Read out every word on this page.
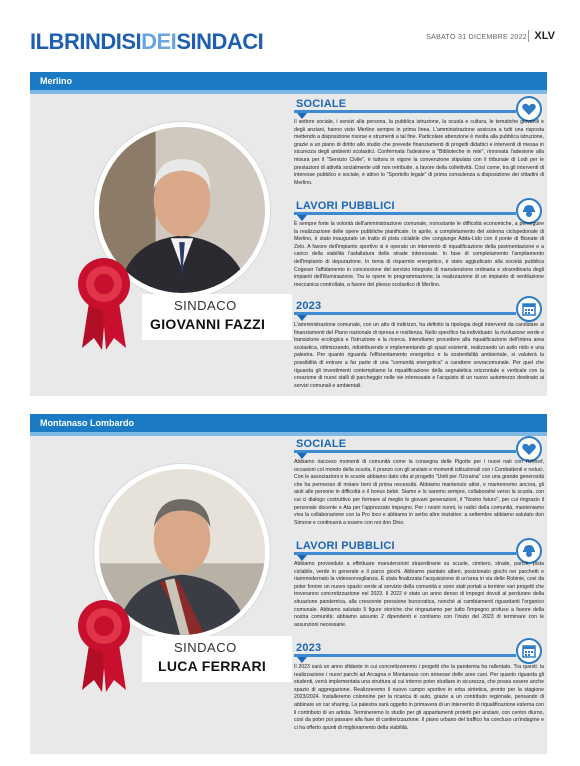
ILBRINDISIDEISINDACI	SABATO 31 DICEMBRE 2022 XLV
Merlino
SINDACO
GIOVANNI FAZZI
SOCIALE
Il settore sociale, i servizi alla persona, la pubblica istruzione, la scuola e cultura, le tematiche giovanili e degli anziani, hanno visto Merlino sempre in prima linea. L'amministrazione assicura a tutti una risposta mettendo a disposizione risorse e strumenti a tal fine. Particolare attenzione è rivolta alla pubblica istruzione, grazie a un piano di diritto allo studio che prevede finanziamenti di progetti didattici e interventi di messa in sicurezza degli ambienti scolastici. Confermata l'adesione a "Biblioteche in rete", rinnovata l'adesione alla misura per il "Servizio Civile", è tuttora in vigore la convenzione stipulata con il tribunale di Lodi per le prestazioni di attività socialmente utili non retribuite, a favore della collettività. Così come, tra gli interventi di interesse pubblico e sociale, è attivo lo "Sportello legale" di prima consulenza a disposizione dei cittadini di Merlino.
LAVORI PUBBLICI
È sempre forte la volontà dell'amministrazione comunale, nonostante le difficoltà economiche, a perseguire la realizzazione delle opere pubbliche pianificate. In aprile, a completamento del sistema ciclopedonale di Merlino, è stato inaugurato un tratto di pista ciclabile che congiunge Adda-Lido con il ponte di Bisnate di Zelo. A favore dell'impianto sportivo si è operato un intervento di riqualificazione della pavimentazione e a carico della viabilità l'asfaltatura delle strade interessate. In fase di completamento l'ampliamento dell'impianto di depurazione. In tema di risparmio energetico, è stato aggiudicato alla società pubblica Cogeser l'affidamento in concessione del servizio integrato di manutenzione ordinaria e straordinaria degli impianti dell'illuminazione. Tra le opere in programmazione, la realizzazione di un impianto di ventilazione meccanica controllata, a favore del plesso scolastico di Merlino.
2023
L'amministrazione comunale, con un atto di indirizzo, ha definito la tipologia degli interventi da candidare ai finanziamenti del Piano nazionale di ripresa e resilienza. Nello specifico ha individuato: la rivoluzione verde e transizione ecologica e l'istruzione e la ricerca. Intendiamo procedere alla riqualificazione dell'intera area scolastica, ottimizzando, ridistribuendo e implementando gli spazi esistenti, realizzando un asilo nido e una palestra. Per quanto riguarda l'efficientamento energetico e la sostenibilità ambientale, si valuterà la possibilità di entrare a far parte di una "comunità energetica" a carattere sovracomunale. Per quel che riguarda gli investimenti contempliamo la riqualificazione della segnaletica orizzontale e verticale con la creazione di nuovi stalli di parcheggio nelle vie interessate e l'acquisto di un nuovo automezzo destinato ai servizi comunali e ambientali.
Montanaso Lombardo
SINDACO
LUCA FERRARI
SOCIALE
Abbiamo riacceso momenti di comunità come la consegna delle Pigotte per i nuovi nati con l'Unicef, occasioni col mondo della scuola, il pranzo con gli anziani e momenti istituzionali con i Combattenti e reduci. Con le associazioni e le scuole abbiamo dato vita al progetto "Uniti per l'Ucraina" con una grande generosità che ha permesso di inviare beni di prima necessità. Abbiamo mantenuto attivi, e mantenremo ancora, gli aiuti alle persone in difficoltà e il bonus bebè. Siamo e lo saremo sempre, collaborativi verso la scuola, con cui ci dialogo costruttivo per formare al meglio le giovani generazioni, il "Nostro futuro", per cui ringrazio il personale docente e Ata per l'apprezzato impegno. Per i nostri nonni, le radici della comunità, manteniamo viva la collaborazione con la Pro loco e abbiamo in serbo altre iniziative: a settembre abbiamo salutato don Simone e continuerà a essere con noi don Dino.
LAVORI PUBBLICI
Abbiamo provveduto a effettuare manutenzioni straordinarie su scuole, cimitero, strade, parchi, pista ciclabile, verde in generale e il parco giochi. Abbiamo piantato alberi, posizionato giochi nei parchetti e riammodernato la videosorveglianza. È stata finalizzata l'acquisizione di un'area in via delle Robinie, così da poter fornire un nuovo spazio verde al servizio della comunità e sono stati portati a termine vari progetti che troveranno concretizzazione nel 2023. Il 2022 è stato un anno denso di impegni dovuti al perdurare della situazione pandemica, alla crescente pressione burocratica, nonché ai cambiamenti riguardanti l'organico comunale. Abbiamo salutato 5 figure storiche che ringraziamo per tutto l'impegno profuso a favore della nostra comunità: abbiamo assunto 2 dipendenti e contiamo con l'inizio del 2023 di terminare con le assunzioni necessarie.
2023
Il 2023 sarà un anno sfidante in cui concretizzeremo i progetti che la pandemia ha rallentato. Tra questi: la realizzazione i nuovi parchi ad Arcagna e Montanaso con annesse delle aree cani. Per quanto riguarda gli studenti, verrà implementata una struttura al cui interno poter studiare in sicurezza, che possa essere anche spazio di aggregazione. Realizzeremo il nuovo campo sportivo in erba sintetica, pronto per la stagione 2023/2024. Installeremo colonnine per la ricarica di auto, grazie a un contributo regionale, pensando di abbinare un car sharing. La palestra sarà oggetto in primavera di un intervento di riqualificazione esterna con il contributo di un artista. Termineremo lo studio per gli appartamenti protetti per anziani, con centro diurno, così da poter poi passare alla fase di cantierizzazione. Il piano urbano del traffico ha concluso un'indagine e ci ha offerto spunti di miglioramento della viabilità.
